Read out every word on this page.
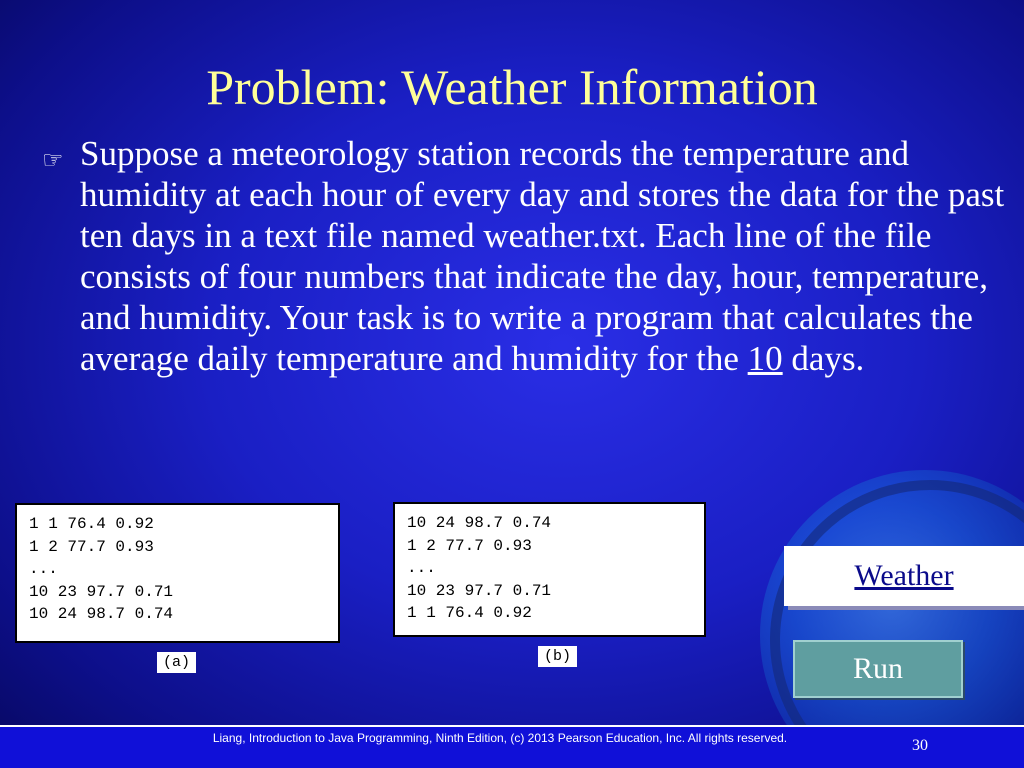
Problem: Weather Information
☞ Suppose a meteorology station records the temperature and humidity at each hour of every day and stores the data for the past ten days in a text file named weather.txt. Each line of the file consists of four numbers that indicate the day, hour, temperature, and humidity. Your task is to write a program that calculates the average daily temperature and humidity for the 10 days.
1 1 76.4 0.92
1 2 77.7 0.93
...
10 23 97.7 0.71
10 24 98.7 0.74
(a)
10 24 98.7 0.74
1 2 77.7 0.93
...
10 23 97.7 0.71
1 1 76.4 0.92
(b)
Weather
Run
Liang, Introduction to Java Programming, Ninth Edition, (c) 2013 Pearson Education, Inc. All rights reserved.	30
